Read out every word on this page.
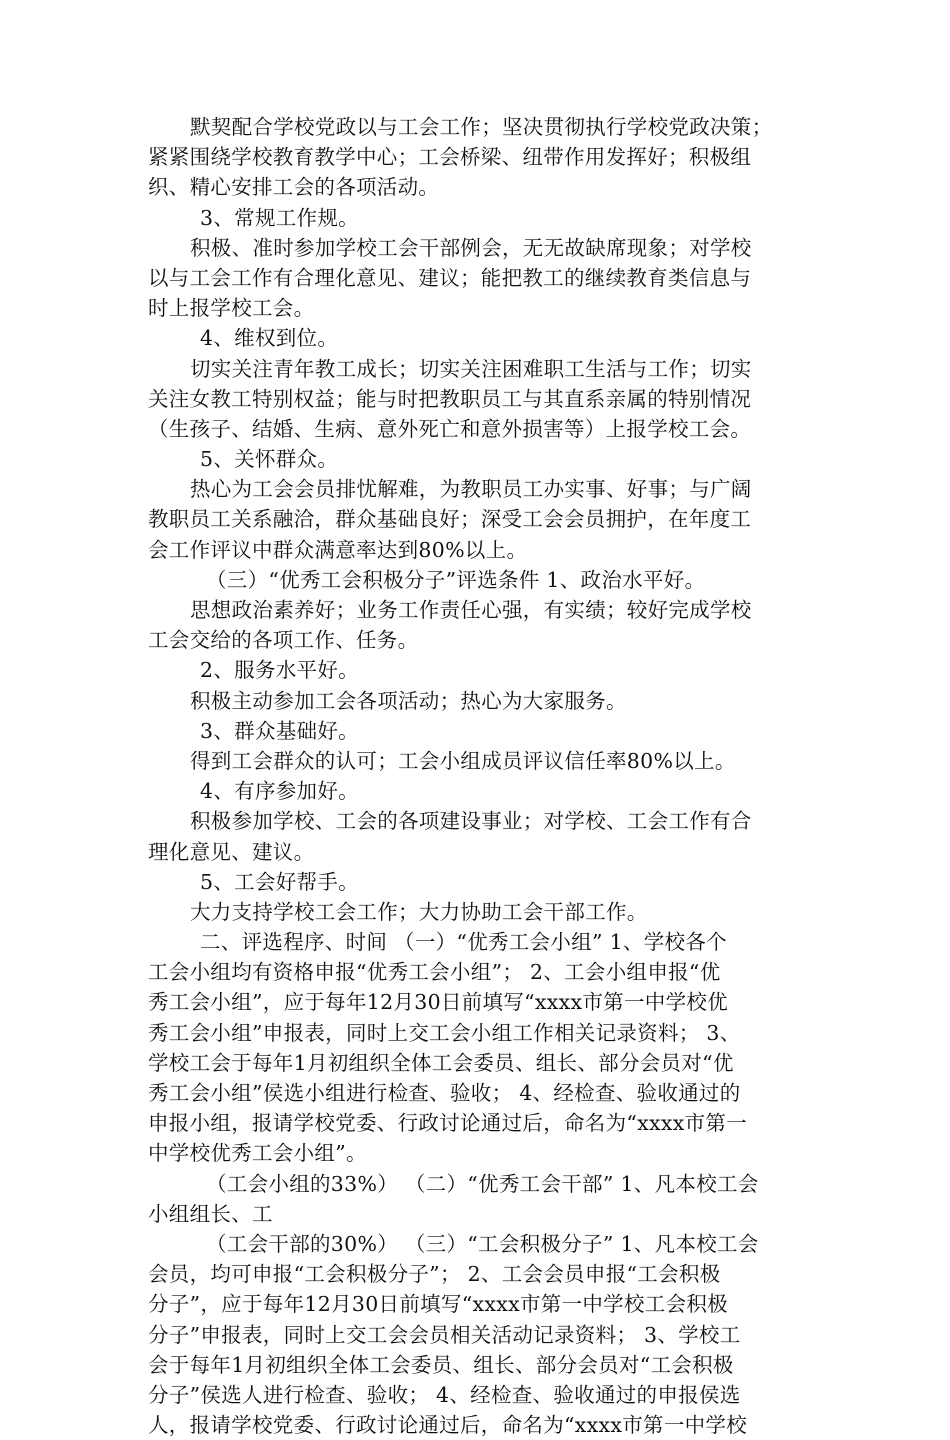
默契配合学校党政以与工会工作；坚决贯彻执行学校党政决策；
紧紧围绕学校教育教学中心；工会桥梁、纽带作用发挥好；积极组
织、精心安排工会的各项活动。
3、常规工作规。
积极、准时参加学校工会干部例会，无无故缺席现象；对学校
以与工会工作有合理化意见、建议；能把教工的继续教育类信息与
时上报学校工会。
4、维权到位。
切实关注青年教工成长；切实关注困难职工生活与工作；切实
关注女教工特别权益；能与时把教职员工与其直系亲属的特别情况
（生孩子、结婚、生病、意外死亡和意外损害等）上报学校工会。
5、关怀群众。
热心为工会会员排忧解难，为教职员工办实事、好事；与广阔
教职员工关系融洽，群众基础良好；深受工会会员拥护，在年度工
会工作评议中群众满意率达到80%以上。
（三）“优秀工会积极分子”评选条件 1、政治水平好。
思想政治素养好；业务工作责任心强，有实绩；较好完成学校
工会交给的各项工作、任务。
2、服务水平好。
积极主动参加工会各项活动；热心为大家服务。
3、群众基础好。
得到工会群众的认可；工会小组成员评议信任率80%以上。
4、有序参加好。
积极参加学校、工会的各项建设事业；对学校、工会工作有合
理化意见、建议。
5、工会好帮手。
大力支持学校工会工作；大力协助工会干部工作。
二、评选程序、时间 （一）“优秀工会小组” 1、学校各个
工会小组均有资格申报“优秀工会小组”； 2、工会小组申报“优
秀工会小组”，应于每年12月30日前填写“xxxx市第一中学校优
秀工会小组”申报表，同时上交工会小组工作相关记录资料； 3、
学校工会于每年1月初组织全体工会委员、组长、部分会员对“优
秀工会小组”侯选小组进行检查、验收； 4、经检查、验收通过的
申报小组，报请学校党委、行政讨论通过后，命名为“xxxx市第一
中学校优秀工会小组”。
（工会小组的33%） （二）“优秀工会干部” 1、凡本校工会
小组组长、工
（工会干部的30%） （三）“工会积极分子” 1、凡本校工会
会员，均可申报“工会积极分子”； 2、工会会员申报“工会积极
分子”，应于每年12月30日前填写“xxxx市第一中学校工会积极
分子”申报表，同时上交工会会员相关活动记录资料； 3、学校工
会于每年1月初组织全体工会委员、组长、部分会员对“工会积极
分子”侯选人进行检查、验收； 4、经检查、验收通过的申报侯选
人，报请学校党委、行政讨论通过后，命名为“xxxx市第一中学校
